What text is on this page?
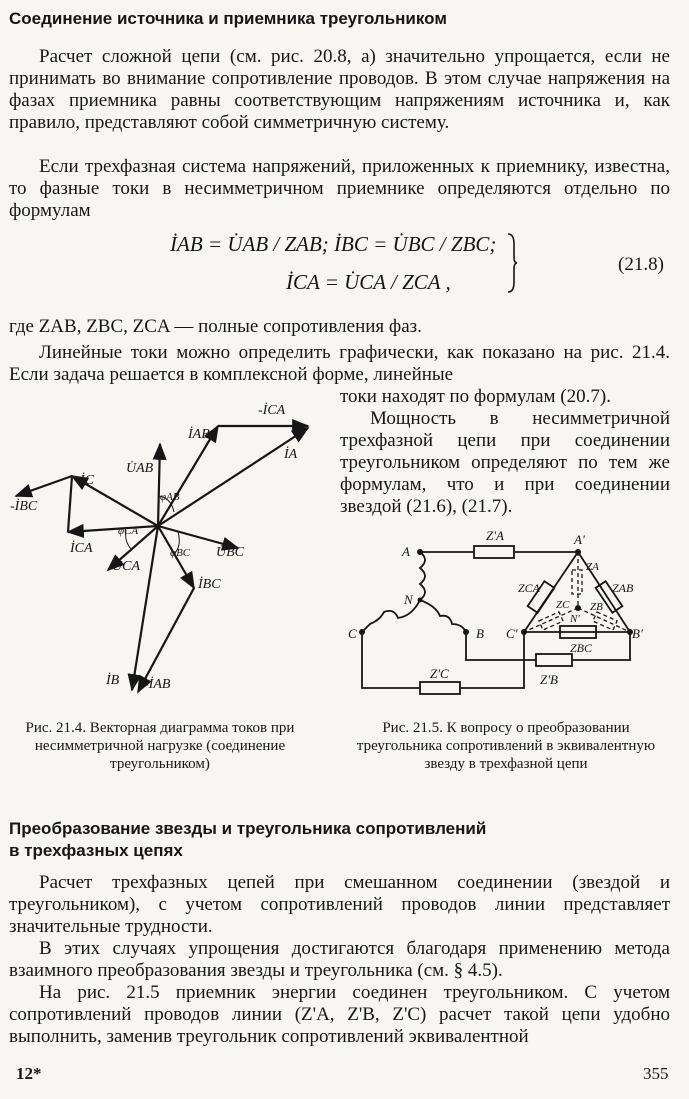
Соединение источника и приемника треугольником

Расчет сложной цепи (см. рис. 20.8, а) значительно упрощается, если не принимать во внимание сопротивление проводов. В этом случае напряжения на фазах приемника равны соответствующим напряжениям источника и, как правило, представляют собой симметричную систему.

Если трехфазная система напряжений, приложенных к приемнику, известна, то фазные токи в несимметричном приемнике определяются отдельно по формулам

İAB = U̇AB / ZAB; İBC = U̇BC / ZBC;
İCA = U̇CA / ZCA ,
(21.8)

где ZAB, ZBC, ZCA — полные сопротивления фаз.

Линейные токи можно определить графически, как показано на рис. 21.4. Если задача решается в комплексной форме, линейные

токи находят по формулам (20.7).
Мощность в несимметричной трехфазной цепи при соединении треугольником определяют по тем же формулам, что и при соединении звездой (21.6), (21.7).
İAB
-İCA
İA
İC
U̇AB
φAB
-İBC
İCA
φCA
U̇CA
φBC U̇BC
İBC
İB -İAB
A
A'
N
N'
C	C'
B	B'
Z'A
Z'B
Z'C
ZA
ZB
ZC
ZAB
ZBC
ZCA
Рис. 21.4. Векторная диаграмма токов при несимметричной нагрузке (соединение треугольником)
Рис. 21.5. К вопросу о преобразовании треугольника сопротивлений в эквивалентную звезду в трехфазной цепи
Преобразование звезды и треугольника сопротивлений
в трехфазных цепях

Расчет трехфазных цепей при смешанном соединении (звездой и треугольником), с учетом сопротивлений проводов линии представляет значительные трудности.

В этих случаях упрощения достигаются благодаря применению метода взаимного преобразования звезды и треугольника (см. § 4.5).

На рис. 21.5 приемник энергии соединен треугольником. С учетом сопротивлений проводов линии (Z'A, Z'B, Z'C) расчет такой цепи удобно выполнить, заменив треугольник сопротивлений эквивалентной

12*	355
